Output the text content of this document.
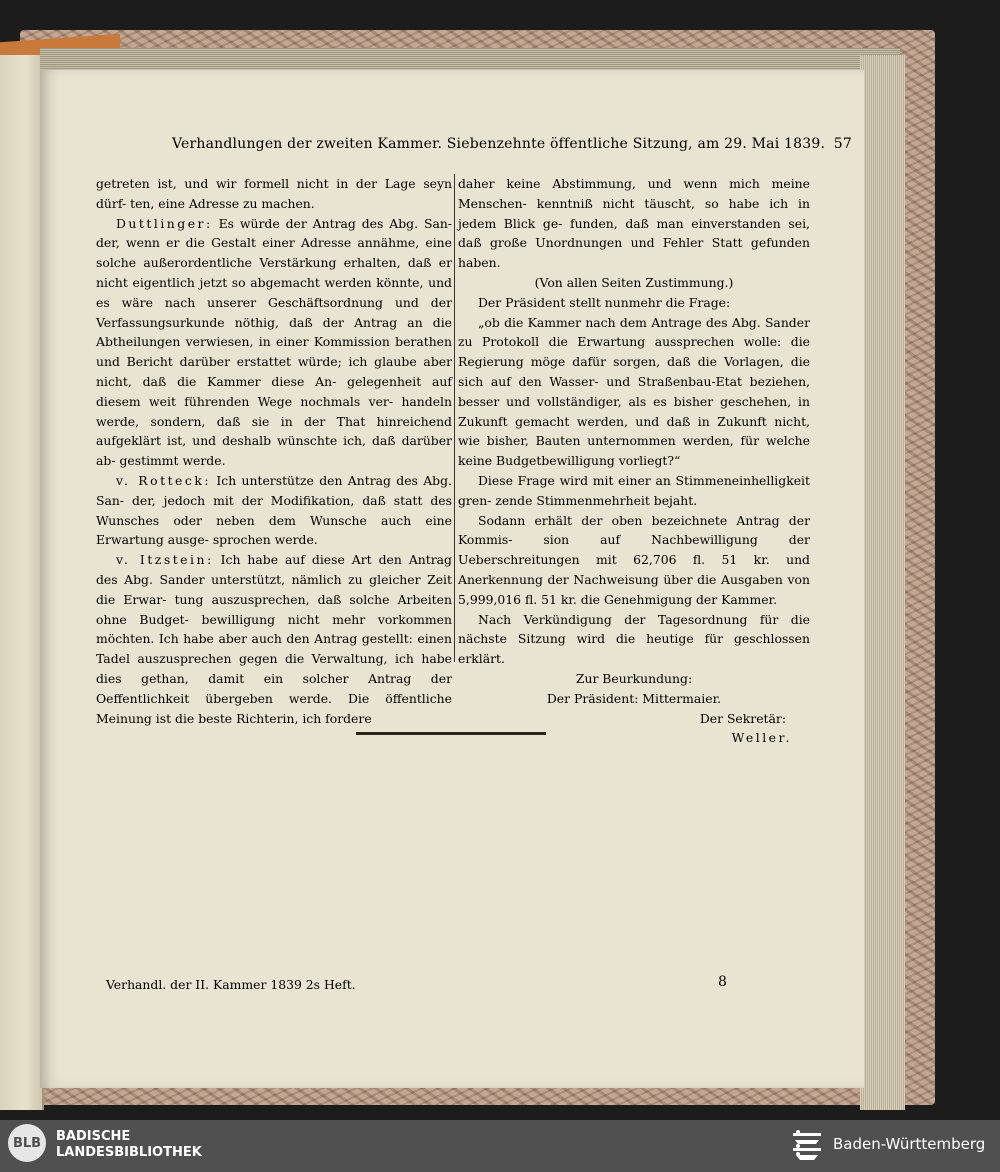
Verhandlungen der zweiten Kammer. Siebenzehnte öffentliche Sitzung, am 29. Mai 1839. 57

getreten ist, und wir formell nicht in der Lage seyn dürf- ten, eine Adresse zu machen.

Duttlinger: Es würde der Antrag des Abg. San- der, wenn er die Gestalt einer Adresse annähme, eine solche außerordentliche Verstärkung erhalten, daß er nicht eigentlich jetzt so abgemacht werden könnte, und es wäre nach unserer Geschäftsordnung und der Verfassungsurkunde nöthig, daß der Antrag an die Abtheilungen verwiesen, in einer Kommission berathen und Bericht darüber erstattet würde; ich glaube aber nicht, daß die Kammer diese An- gelegenheit auf diesem weit führenden Wege nochmals ver- handeln werde, sondern, daß sie in der That hinreichend aufgeklärt ist, und deshalb wünschte ich, daß darüber ab- gestimmt werde.

v. Rotteck: Ich unterstütze den Antrag des Abg. San- der, jedoch mit der Modifikation, daß statt des Wunsches oder neben dem Wunsche auch eine Erwartung ausge- sprochen werde.

v. Itzstein: Ich habe auf diese Art den Antrag des Abg. Sander unterstützt, nämlich zu gleicher Zeit die Erwar- tung auszusprechen, daß solche Arbeiten ohne Budget- bewilligung nicht mehr vorkommen möchten. Ich habe aber auch den Antrag gestellt: einen Tadel auszusprechen gegen die Verwaltung, ich habe dies gethan, damit ein solcher Antrag der Oeffentlichkeit übergeben werde. Die öffentliche Meinung ist die beste Richterin, ich fordere

daher keine Abstimmung, und wenn mich meine Menschen- kenntniß nicht täuscht, so habe ich in jedem Blick ge- funden, daß man einverstanden sei, daß große Unordnungen und Fehler Statt gefunden haben.

(Von allen Seiten Zustimmung.)

Der Präsident stellt nunmehr die Frage:

„ob die Kammer nach dem Antrage des Abg. Sander zu Protokoll die Erwartung aussprechen wolle: die Regierung möge dafür sorgen, daß die Vorlagen, die sich auf den Wasser- und Straßenbau-Etat beziehen, besser und vollständiger, als es bisher geschehen, in Zukunft gemacht werden, und daß in Zukunft nicht, wie bisher, Bauten unternommen werden, für welche keine Budgetbewilligung vorliegt?“

Diese Frage wird mit einer an Stimmeneinhelligkeit gren- zende Stimmenmehrheit bejaht.

Sodann erhält der oben bezeichnete Antrag der Kommis-	sion auf Nachbewilligung der Ueberschreitungen mit 62,706 fl. 51 kr. und Anerkennung der Nachweisung über die Ausgaben von 5,999,016 fl. 51 kr. die Genehmigung der Kammer.

Nach Verkündigung der Tagesordnung für die nächste Sitzung wird die heutige für geschlossen erklärt.

Zur Beurkundung:

Der Präsident: Mittermaier.

Der Sekretär:

Weller.

Verhandl. der II. Kammer 1839 2s Heft.	8
BLB	BADISCHE
LANDESBIBLIOTHEK	Baden-Württemberg
